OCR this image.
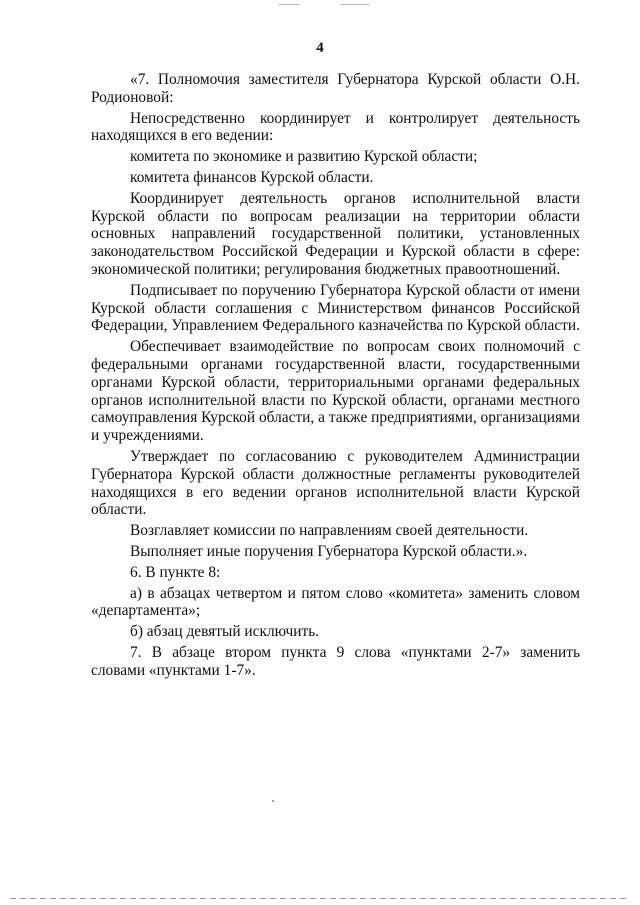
4

«7. Полномочия заместителя Губернатора Курской области О.Н. Родионовой:

Непосредственно координирует и контролирует деятельность находящихся в его ведении:

комитета по экономике и развитию Курской области;

комитета финансов Курской области.

Координирует деятельность органов исполнительной власти Курской области по вопросам реализации на территории области основных направлений государственной политики, установленных законодательством Российской Федерации и Курской области в сфере: экономической политики; регулирования бюджетных правоотношений.

Подписывает по поручению Губернатора Курской области от имени Курской области соглашения с Министерством финансов Российской Федерации, Управлением Федерального казначейства по Курской области.

Обеспечивает взаимодействие по вопросам своих полномочий с федеральными органами государственной власти, государственными органами Курской области, территориальными органами федеральных органов исполнительной власти по Курской области, органами местного самоуправления Курской области, а также предприятиями, организациями и учреждениями.

Утверждает по согласованию с руководителем Администрации Губернатора Курской области должностные регламенты руководителей находящихся в его ведении органов исполнительной власти Курской области.

Возглавляет комиссии по направлениям своей деятельности.

Выполняет иные поручения Губернатора Курской области.».

6. В пункте 8:

а) в абзацах четвертом и пятом слово «комитета» заменить словом «департамента»;

б) абзац девятый исключить.

7. В абзаце втором пункта 9 слова «пунктами 2-7» заменить словами «пунктами 1-7».
